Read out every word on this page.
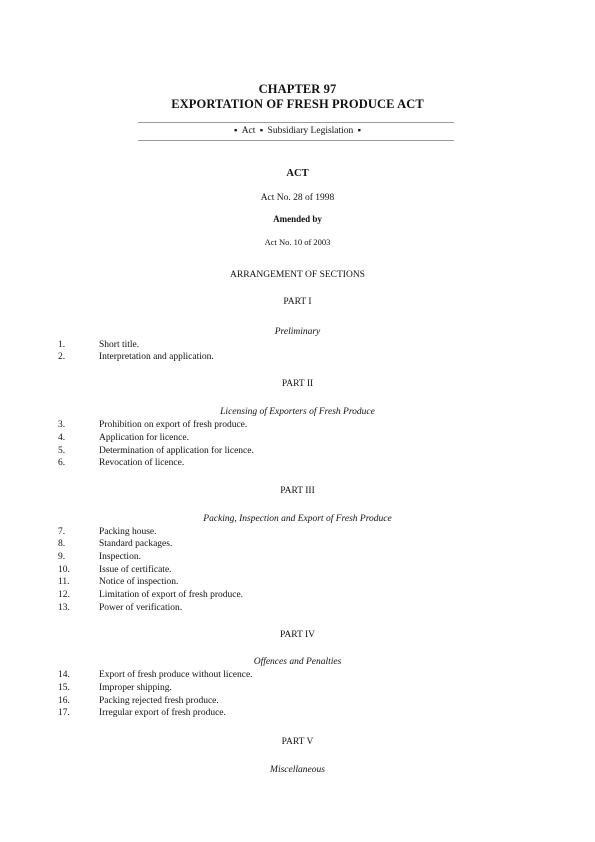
CHAPTER 97
EXPORTATION OF FRESH PRODUCE ACT
▪ Act ▪ Subsidiary Legislation ▪
ACT
Act No. 28 of 1998
Amended by
Act No. 10 of 2003
ARRANGEMENT OF SECTIONS
PART I
Preliminary
1.	Short title.
2.	Interpretation and application.
PART II
Licensing of Exporters of Fresh Produce
3.	Prohibition on export of fresh produce.
4.	Application for licence.
5.	Determination of application for licence.
6.	Revocation of licence.
PART III
Packing, Inspection and Export of Fresh Produce
7.	Packing house.
8.	Standard packages.
9.	Inspection.
10.	Issue of certificate.
11.	Notice of inspection.
12.	Limitation of export of fresh produce.
13.	Power of verification.
PART IV
Offences and Penalties
14.	Export of fresh produce without licence.
15.	Improper shipping.
16.	Packing rejected fresh produce.
17.	Irregular export of fresh produce.
PART V
Miscellaneous
